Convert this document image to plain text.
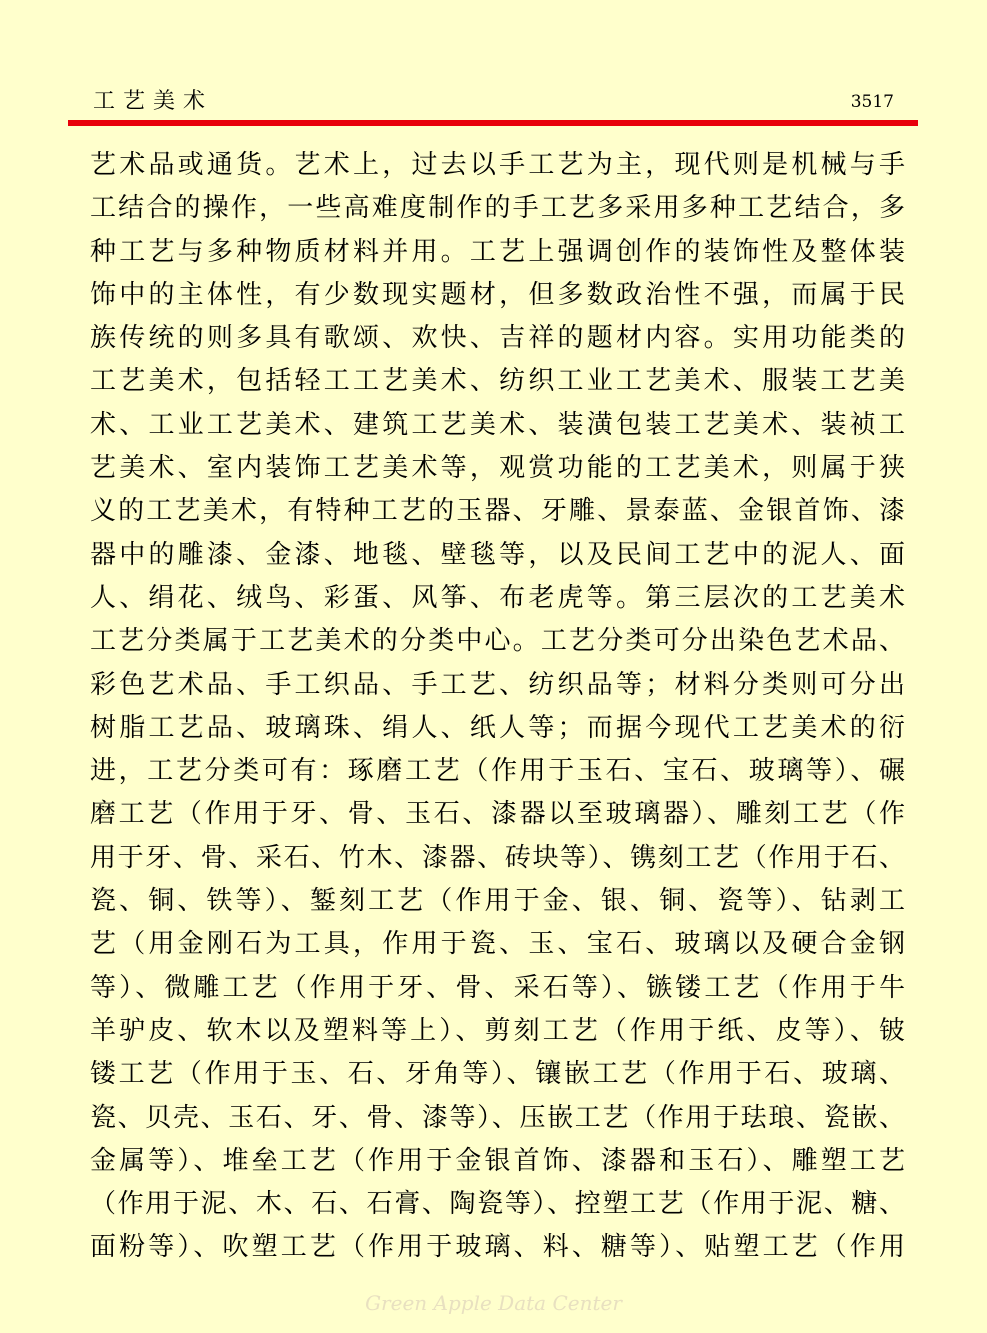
工艺美术	3517
艺术品或通货。艺术上，过去以手工艺为主，现代则是机械与手
工结合的操作，一些高难度制作的手工艺多采用多种工艺结合，多
种工艺与多种物质材料并用。工艺上强调创作的装饰性及整体装
饰中的主体性，有少数现实题材，但多数政治性不强，而属于民
族传统的则多具有歌颂、欢快、吉祥的题材内容。实用功能类的
工艺美术，包括轻工工艺美术、纺织工业工艺美术、服装工艺美
术、工业工艺美术、建筑工艺美术、装潢包装工艺美术、装祯工
艺美术、室内装饰工艺美术等，观赏功能的工艺美术，则属于狭
义的工艺美术，有特种工艺的玉器、牙雕、景泰蓝、金银首饰、漆
器中的雕漆、金漆、地毯、壁毯等，以及民间工艺中的泥人、面
人、绢花、绒鸟、彩蛋、风筝、布老虎等。第三层次的工艺美术
工艺分类属于工艺美术的分类中心。工艺分类可分出染色艺术品、
彩色艺术品、手工织品、手工艺、纺织品等；材料分类则可分出
树脂工艺品、玻璃珠、绢人、纸人等；而据今现代工艺美术的衍
进，工艺分类可有：琢磨工艺（作用于玉石、宝石、玻璃等）、碾
磨工艺（作用于牙、骨、玉石、漆器以至玻璃器）、雕刻工艺（作
用于牙、骨、采石、竹木、漆器、砖块等）、镌刻工艺（作用于石、
瓷、铜、铁等）、錾刻工艺（作用于金、银、铜、瓷等）、钻剥工
艺（用金刚石为工具，作用于瓷、玉、宝石、玻璃以及硬合金钢
等）、微雕工艺（作用于牙、骨、采石等）、镞镂工艺（作用于牛
羊驴皮、软木以及塑料等上）、剪刻工艺（作用于纸、皮等）、铍
镂工艺（作用于玉、石、牙角等）、镶嵌工艺（作用于石、玻璃、
瓷、贝壳、玉石、牙、骨、漆等）、压嵌工艺（作用于珐琅、瓷嵌、
金属等）、堆垒工艺（作用于金银首饰、漆器和玉石）、雕塑工艺
（作用于泥、木、石、石膏、陶瓷等）、控塑工艺（作用于泥、糖、
面粉等）、吹塑工艺（作用于玻璃、料、糖等）、贴塑工艺（作用
Green Apple Data Center
